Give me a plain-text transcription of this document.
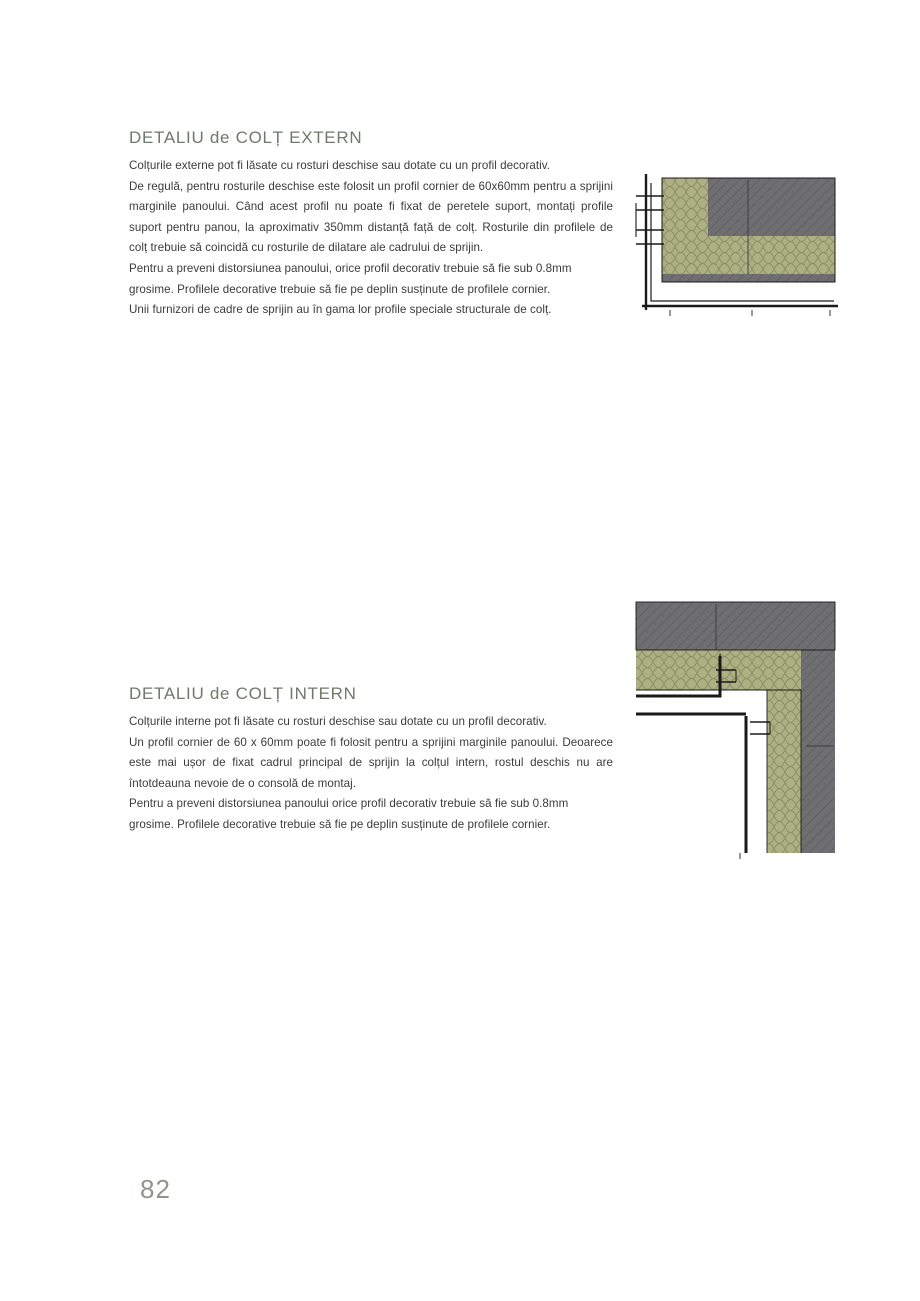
DETALIU de COLȚ EXTERN

Colțurile externe pot fi lăsate cu rosturi deschise sau dotate cu un profil decorativ.

De regulă, pentru rosturile deschise este folosit un profil cornier de 60x60mm pentru a sprijini marginile panoului. Când acest profil nu poate fi fixat de peretele suport, montați profile suport pentru panou, la aproximativ 350mm distanță față de colț. Rosturile din profilele de colț trebuie să coincidă cu rosturile de dilatare ale cadrului de sprijin.

Pentru a preveni distorsiunea panoului, orice profil decorativ trebuie să fie sub 0.8mm grosime. Profilele decorative trebuie să fie pe deplin susținute de profilele cornier.

Unii furnizori de cadre de sprijin au în gama lor profile speciale structurale de colț.

DETALIU de COLȚ INTERN

Colțurile interne pot fi lăsate cu rosturi deschise sau dotate cu un profil decorativ.

Un profil cornier de 60 x 60mm poate fi folosit pentru a sprijini marginile panoului. Deoarece este mai ușor de fixat cadrul principal de sprijin la colțul intern, rostul deschis nu are întotdeauna nevoie de o consolă de montaj.

Pentru a preveni distorsiunea panoului orice profil decorativ trebuie să fie sub 0.8mm grosime. Profilele decorative trebuie să fie pe deplin susținute de profilele cornier.

82
